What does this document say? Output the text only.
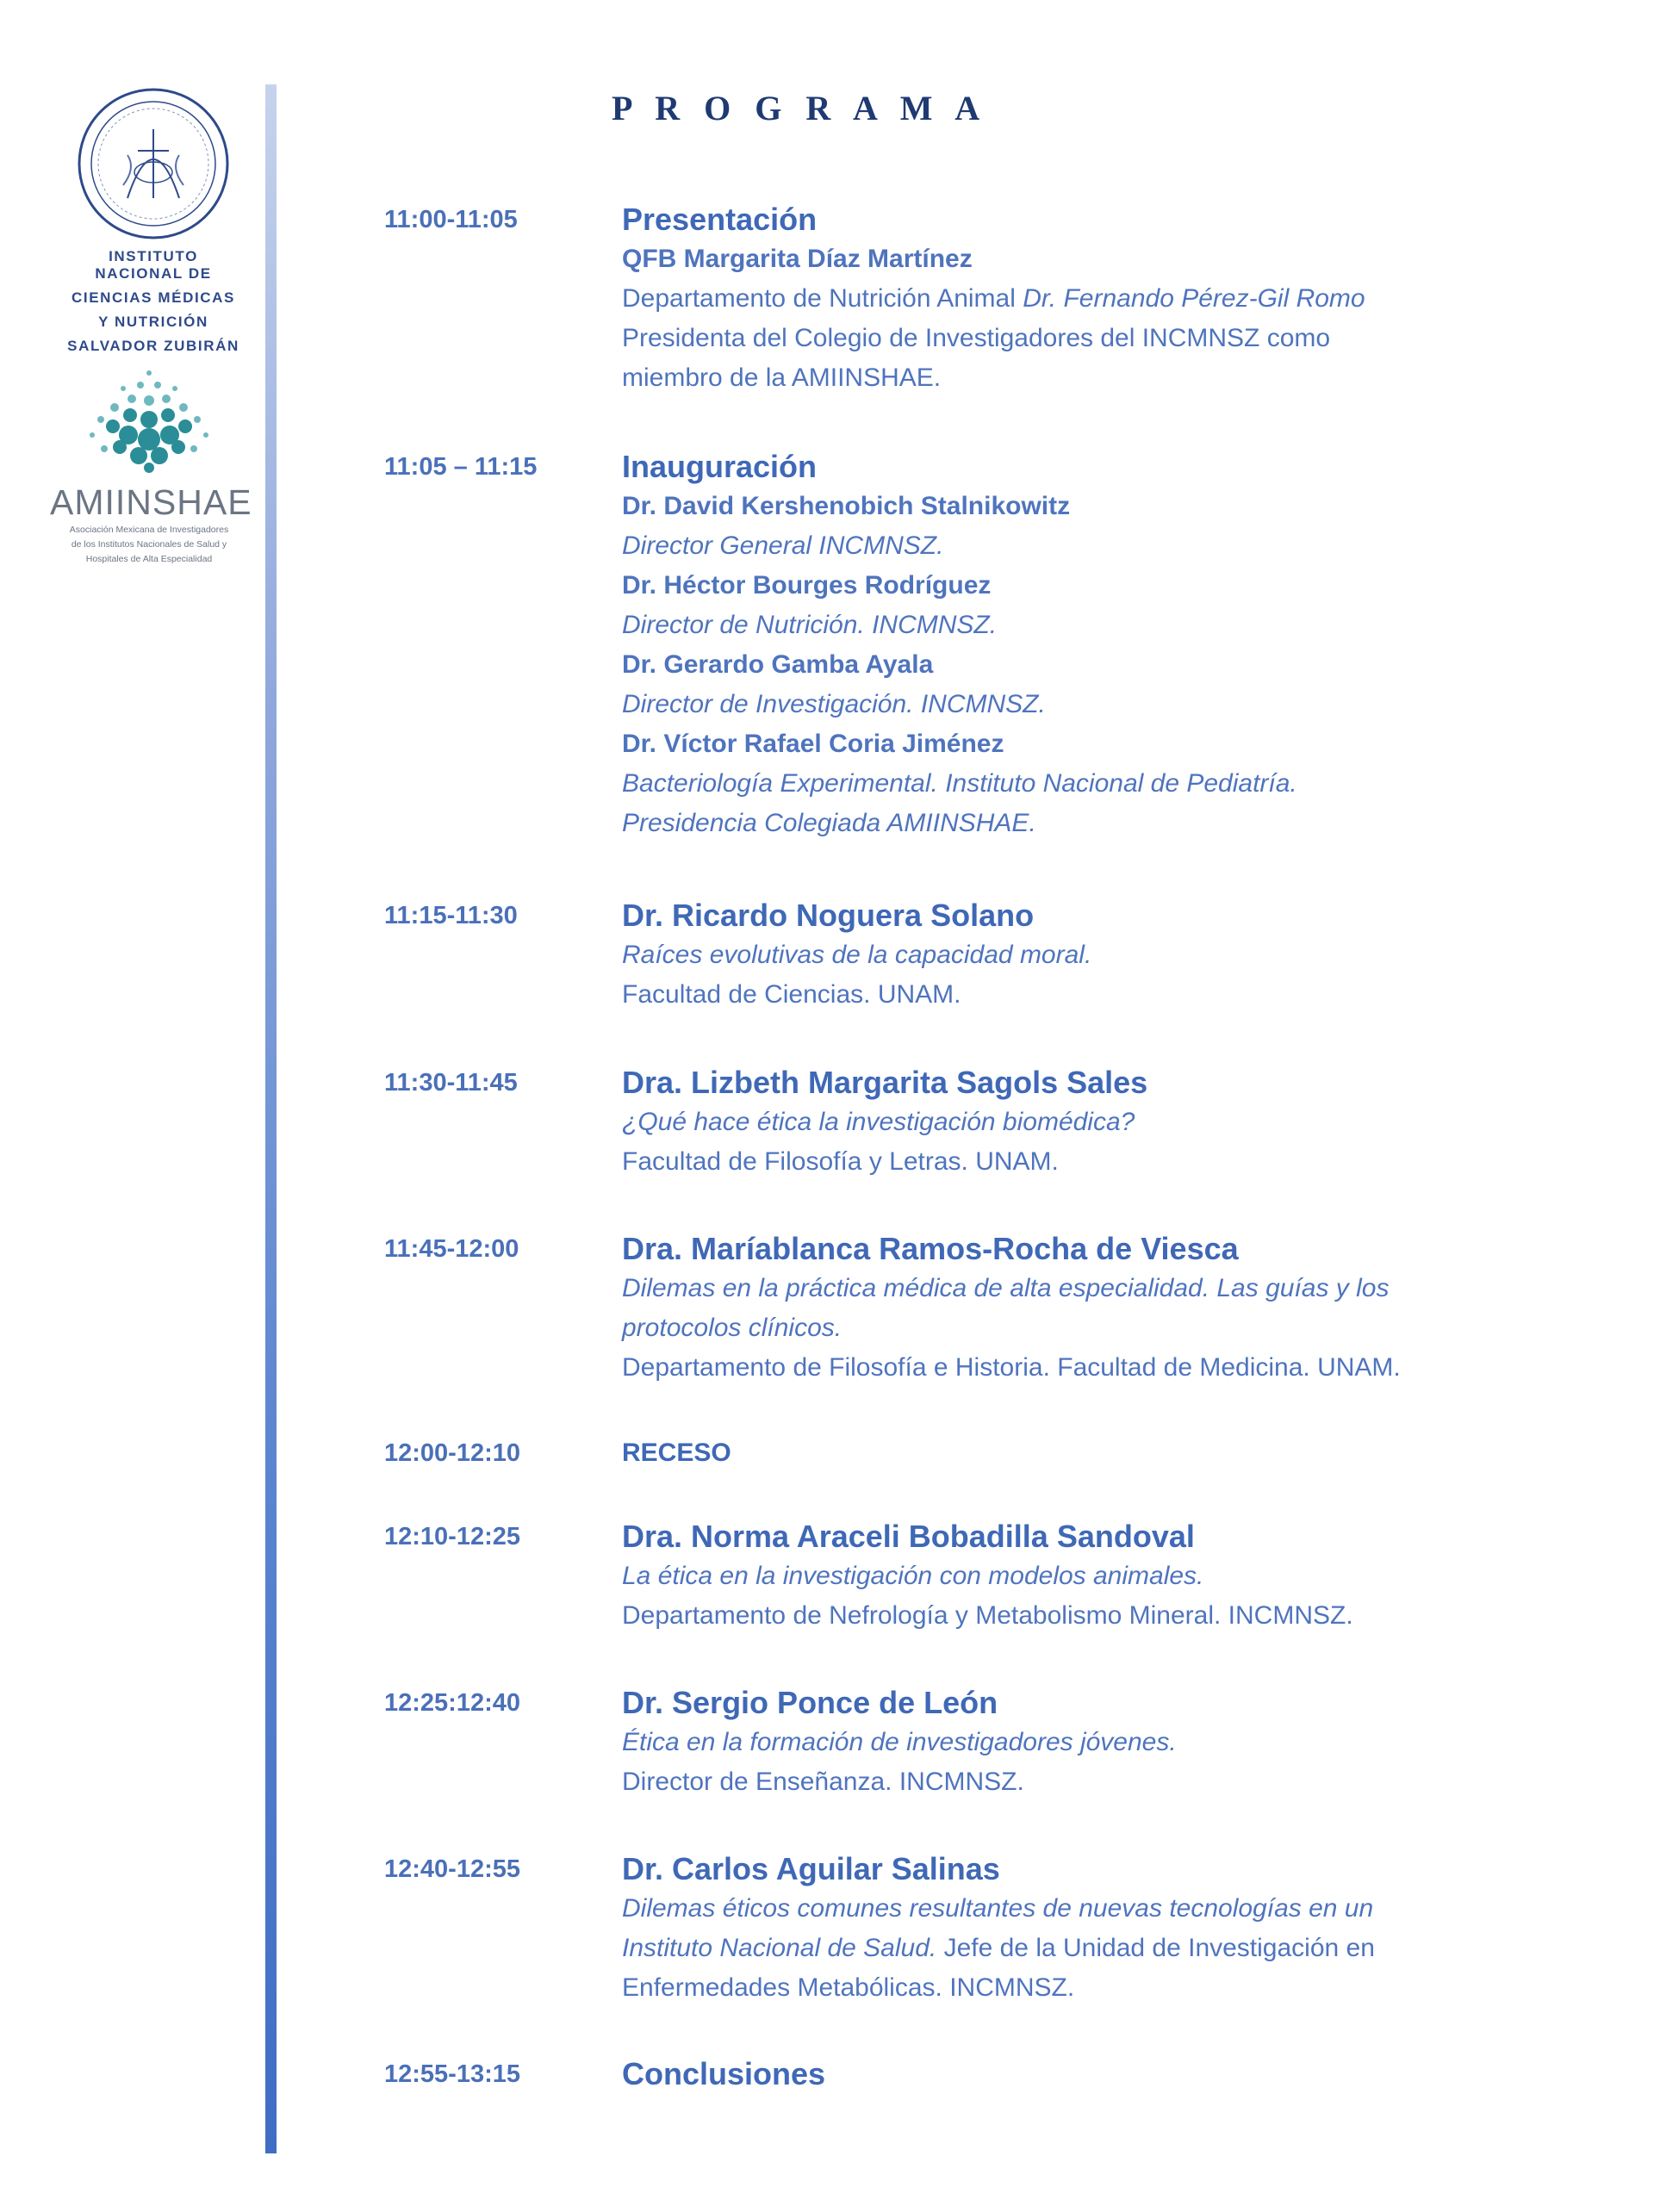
INSTITUTO NACIONAL DE
CIENCIAS MÉDICAS
Y NUTRICIÓN
SALVADOR ZUBIRÁN
AMIINSHAE
Asociación Mexicana de Investigadores
de los Institutos Nacionales de Salud y
Hospitales de Alta Especialidad
P R O G R A M A
11:00-11:05	Presentación
QFB Margarita Díaz Martínez
Departamento de Nutrición Animal Dr. Fernando Pérez-Gil Romo
Presidenta del Colegio de Investigadores del INCMNSZ como
miembro de la AMIINSHAE.
11:05 – 11:15	Inauguración
Dr. David Kershenobich Stalnikowitz
Director General INCMNSZ.
Dr. Héctor Bourges Rodríguez
Director de Nutrición. INCMNSZ.
Dr. Gerardo Gamba Ayala
Director de Investigación. INCMNSZ.
Dr. Víctor Rafael Coria Jiménez
Bacteriología Experimental. Instituto Nacional de Pediatría.
Presidencia Colegiada AMIINSHAE.
11:15-11:30	Dr. Ricardo Noguera Solano
Raíces evolutivas de la capacidad moral.
Facultad de Ciencias. UNAM.
11:30-11:45	Dra. Lizbeth Margarita Sagols Sales
¿Qué hace ética la investigación biomédica?
Facultad de Filosofía y Letras. UNAM.
11:45-12:00	Dra. Maríablanca Ramos-Rocha de Viesca
Dilemas en la práctica médica de alta especialidad. Las guías y los
protocolos clínicos.
Departamento de Filosofía e Historia. Facultad de Medicina. UNAM.
12:00-12:10	RECESO
12:10-12:25	Dra. Norma Araceli Bobadilla Sandoval
La ética en la investigación con modelos animales.
Departamento de Nefrología y Metabolismo Mineral. INCMNSZ.
12:25:12:40	Dr. Sergio Ponce de León
Ética en la formación de investigadores jóvenes.
Director de Enseñanza. INCMNSZ.
12:40-12:55	Dr. Carlos Aguilar Salinas
Dilemas éticos comunes resultantes de nuevas tecnologías en un
Instituto Nacional de Salud. Jefe de la Unidad de Investigación en
Enfermedades Metabólicas. INCMNSZ.
12:55-13:15	Conclusiones
